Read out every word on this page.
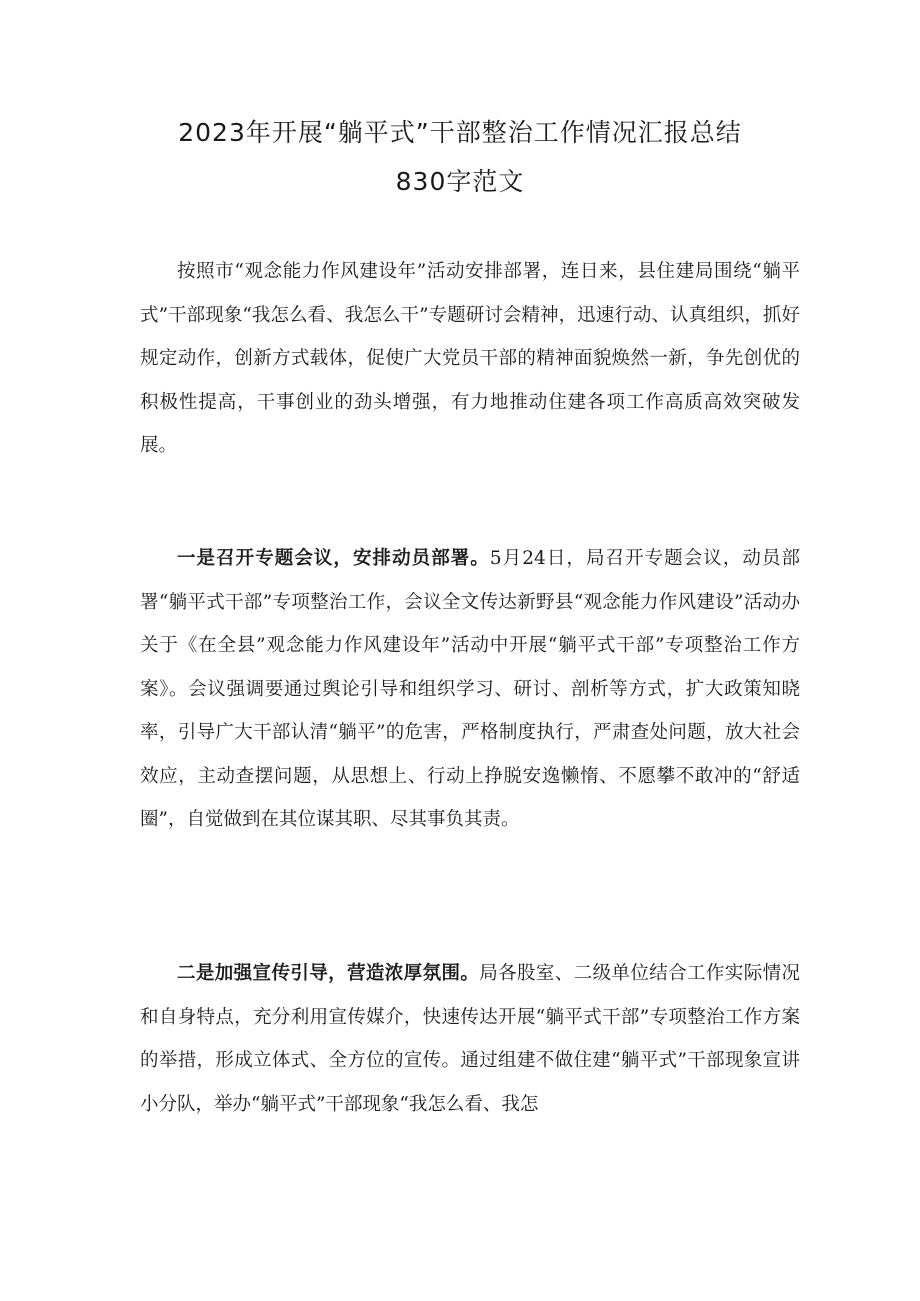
2023年开展“躺平式”干部整治工作情况汇报总结
830字范文

按照市“观念能力作风建设年”活动安排部署，连日来，县住建局围绕“躺平式”干部现象“我怎么看、我怎么干”专题研讨会精神，迅速行动、认真组织，抓好规定动作，创新方式载体，促使广大党员干部的精神面貌焕然一新，争先创优的积极性提高，干事创业的劲头增强，有力地推动住建各项工作高质高效突破发展。

一是召开专题会议，安排动员部署。5月24日，局召开专题会议，动员部署“躺平式干部”专项整治工作，会议全文传达新野县“观念能力作风建设”活动办关于《在全县”观念能力作风建设年”活动中开展“躺平式干部”专项整治工作方案》。会议强调要通过舆论引导和组织学习、研讨、剖析等方式，扩大政策知晓率，引导广大干部认清“躺平”的危害，严格制度执行，严肃查处问题，放大社会效应，主动查摆问题，从思想上、行动上挣脱安逸懒惰、不愿攀不敢冲的“舒适圈”，自觉做到在其位谋其职、尽其事负其责。

二是加强宣传引导，营造浓厚氛围。局各股室、二级单位结合工作实际情况和自身特点，充分利用宣传媒介，快速传达开展“躺平式干部”专项整治工作方案的举措，形成立体式、全方位的宣传。通过组建不做住建“躺平式”干部现象宣讲小分队，举办“躺平式”干部现象“我怎么看、我怎
